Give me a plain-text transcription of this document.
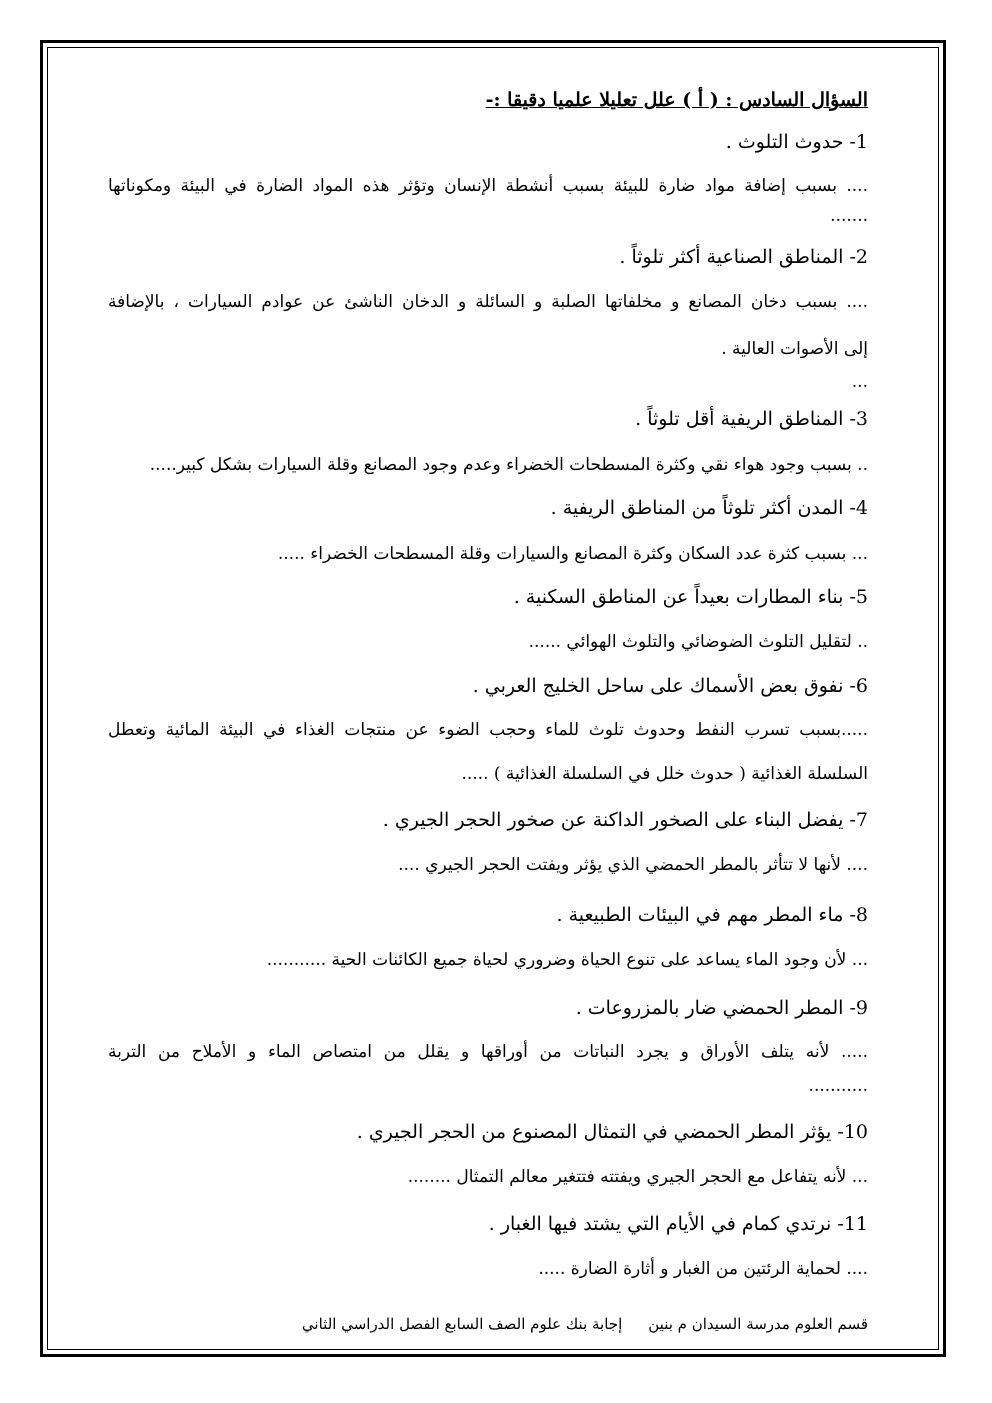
السؤال السادس : ( أ ) علل تعليلا علميا دقيقا :-
1- حدوث التلوث .
.... بسبب إضافة مواد ضارة للبيئة بسبب أنشطة الإنسان وتؤثر هذه المواد الضارة في البيئة ومكوناتها
.......
2- المناطق الصناعية أكثر تلوثاً .
.... بسبب دخان المصانع و مخلفاتها الصلبة و السائلة و الدخان الناشئ عن عوادم السيارات ، بالإضافة
إلى الأصوات العالية .
...
3- المناطق الريفية أقل تلوثاً .
.. بسبب وجود هواء نقي وكثرة المسطحات الخضراء وعدم وجود المصانع وقلة السيارات بشكل كبير.....
4- المدن أكثر تلوثاً من المناطق الريفية .
... بسبب كثرة عدد السكان وكثرة المصانع والسيارات وقلة المسطحات الخضراء .....
5- بناء المطارات بعيداً عن المناطق السكنية .
.. لتقليل التلوث الضوضائي والتلوث الهوائي ......
6- نفوق بعض الأسماك على ساحل الخليج العربي .
.....بسبب تسرب النفط وحدوث تلوث للماء وحجب الضوء عن منتجات الغذاء في البيئة المائية وتعطل
السلسلة الغذائية ( حدوث خلل في السلسلة الغذائية ) .....
7- يفضل البناء على الصخور الداكنة عن صخور الحجر الجيري .
.... لأنها لا تتأثر بالمطر الحمضي الذي يؤثر ويفتت الحجر الجيري ....
8- ماء المطر مهم في البيئات الطبيعية .
... لأن وجود الماء يساعد على تنوع الحياة وضروري لحياة جميع الكائنات الحية ...........
9- المطر الحمضي ضار بالمزروعات .
..... لأنه يتلف الأوراق و يجرد النباتات من أوراقها و يقلل من امتصاص الماء و الأملاح من التربة
...........
10- يؤثر المطر الحمضي في التمثال المصنوع من الحجر الجيري .
... لأنه يتفاعل مع الحجر الجيري ويفتته فتتغير معالم التمثال ........
11- نرتدي كمام في الأيام التي يشتد فيها الغبار .
.... لحماية الرئتين من الغبار و أثارة الضارة .....
قسم العلوم مدرسة السيدان م بنينإجابة بنك علوم الصف السابع الفصل الدراسي الثاني
